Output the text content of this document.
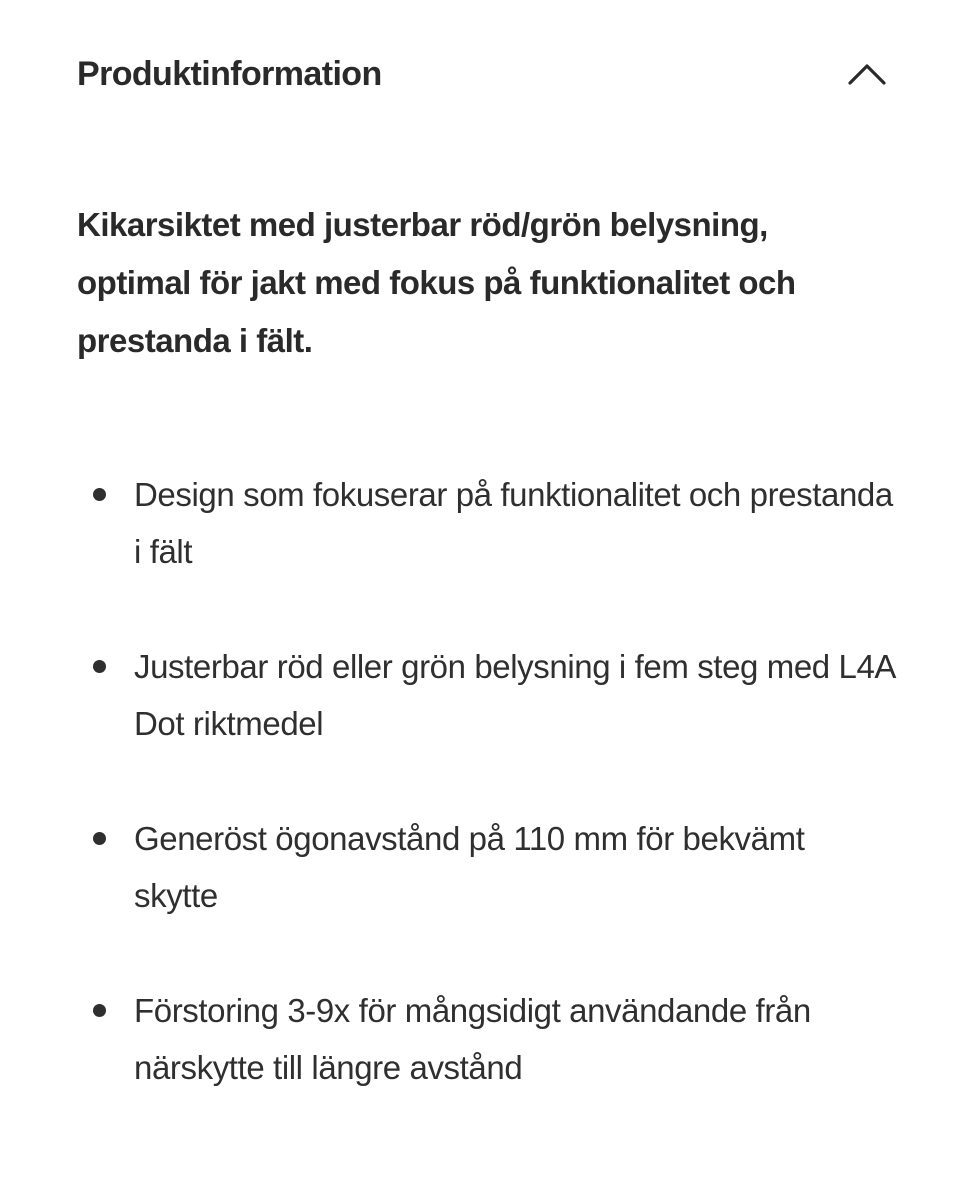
Produktinformation

Kikarsiktet med justerbar röd/grön belysning, optimal för jakt med fokus på funktionalitet och prestanda i fält.

Design som fokuserar på funktionalitet och prestanda i fält
Justerbar röd eller grön belysning i fem steg med L4A Dot riktmedel
Generöst ögonavstånd på 110 mm för bekvämt skytte
Förstoring 3-9x för mångsidigt användande från närskytte till längre avstånd
